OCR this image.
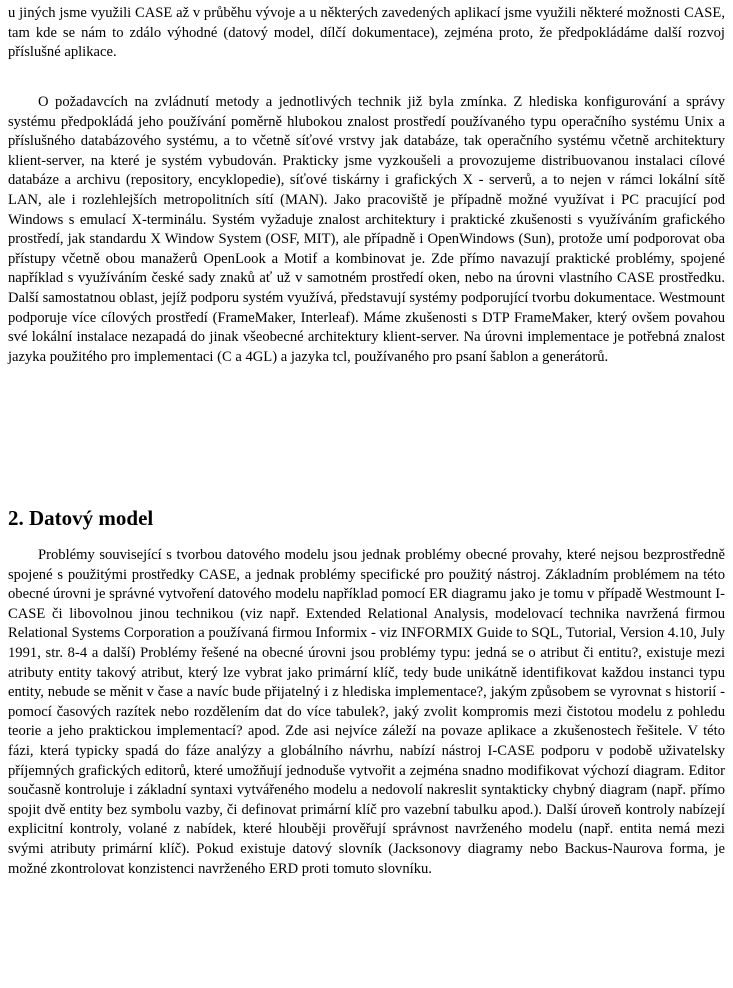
u jiných jsme využili CASE až v průběhu vývoje a u některých zavedených aplikací jsme využili některé možnosti CASE, tam kde se nám to zdálo výhodné (datový model, dílčí dokumentace), zejména proto, že předpokládáme další rozvoj příslušné aplikace.

O požadavcích na zvládnutí metody a jednotlivých technik již byla zmínka. Z hlediska konfigurování a správy systému předpokládá jeho používání poměrně hlubokou znalost prostředí používaného typu operačního systému Unix a příslušného databázového systému, a to včetně síťové vrstvy jak databáze, tak operačního systému včetně architektury klient-server, na které je systém vybudován. Prakticky jsme vyzkoušeli a provozujeme distribuovanou instalaci cílové databáze a archivu (repository, encyklopedie), síťové tiskárny i grafických X - serverů, a to nejen v rámci lokální sítě LAN, ale i rozlehlejších metropolitních sítí (MAN). Jako pracoviště je případně možné využívat i PC pracující pod Windows s emulací X-terminálu. Systém vyžaduje znalost architektury i praktické zkušenosti s využíváním grafického prostředí, jak standardu X Window System (OSF, MIT), ale případně i OpenWindows (Sun), protože umí podporovat oba přístupy včetně obou manažerů OpenLook a Motif a kombinovat je. Zde přímo navazují praktické problémy, spojené například s využíváním české sady znaků ať už v samotném prostředí oken, nebo na úrovni vlastního CASE prostředku. Další samostatnou oblast, jejíž podporu systém využívá, představují systémy podporující tvorbu dokumentace. Westmount podporuje více cílových prostředí (FrameMaker, Interleaf). Máme zkušenosti s DTP FrameMaker, který ovšem povahou své lokální instalace nezapadá do jinak všeobecné architektury klient-server. Na úrovni implementace je potřebná znalost jazyka použitého pro implementaci (C a 4GL) a jazyka tcl, používaného pro psaní šablon a generátorů.

2. Datový model

Problémy související s tvorbou datového modelu jsou jednak problémy obecné provahy, které nejsou bezprostředně spojené s použitými prostředky CASE, a jednak problémy specifické pro použitý nástroj. Základním problémem na této obecné úrovni je správné vytvoření datového modelu například pomocí ER diagramu jako je tomu v případě Westmount I-CASE či libovolnou jinou technikou (viz např. Extended Relational Analysis, modelovací technika navržená firmou Relational Systems Corporation a používaná firmou Informix - viz INFORMIX Guide to SQL, Tutorial, Version 4.10, July 1991, str. 8-4 a další) Problémy řešené na obecné úrovni jsou problémy typu: jedná se o atribut či entitu?, existuje mezi atributy entity takový atribut, který lze vybrat jako primární klíč, tedy bude unikátně identifikovat každou instanci typu entity, nebude se měnit v čase a navíc bude přijatelný i z hlediska implementace?, jakým způsobem se vyrovnat s historií - pomocí časových razítek nebo rozdělením dat do více tabulek?, jaký zvolit kompromis mezi čistotou modelu z pohledu teorie a jeho praktickou implementací? apod. Zde asi nejvíce záleží na povaze aplikace a zkušenostech řešitele. V této fázi, která typicky spadá do fáze analýzy a globálního návrhu, nabízí nástroj I-CASE podporu v podobě uživatelsky příjemných grafických editorů, které umožňují jednoduše vytvořit a zejména snadno modifikovat výchozí diagram. Editor současně kontroluje i základní syntaxi vytvářeného modelu a nedovolí nakreslit syntakticky chybný diagram (např. přímo spojit dvě entity bez symbolu vazby, či definovat primární klíč pro vazební tabulku apod.). Další úroveň kontroly nabízejí explicitní kontroly, volané z nabídek, které hlouběji prověřují správnost navrženého modelu (např. entita nemá mezi svými atributy primární klíč). Pokud existuje datový slovník (Jacksonovy diagramy nebo Backus-Naurova forma, je možné zkontrolovat konzistenci navrženého ERD proti tomuto slovníku.
